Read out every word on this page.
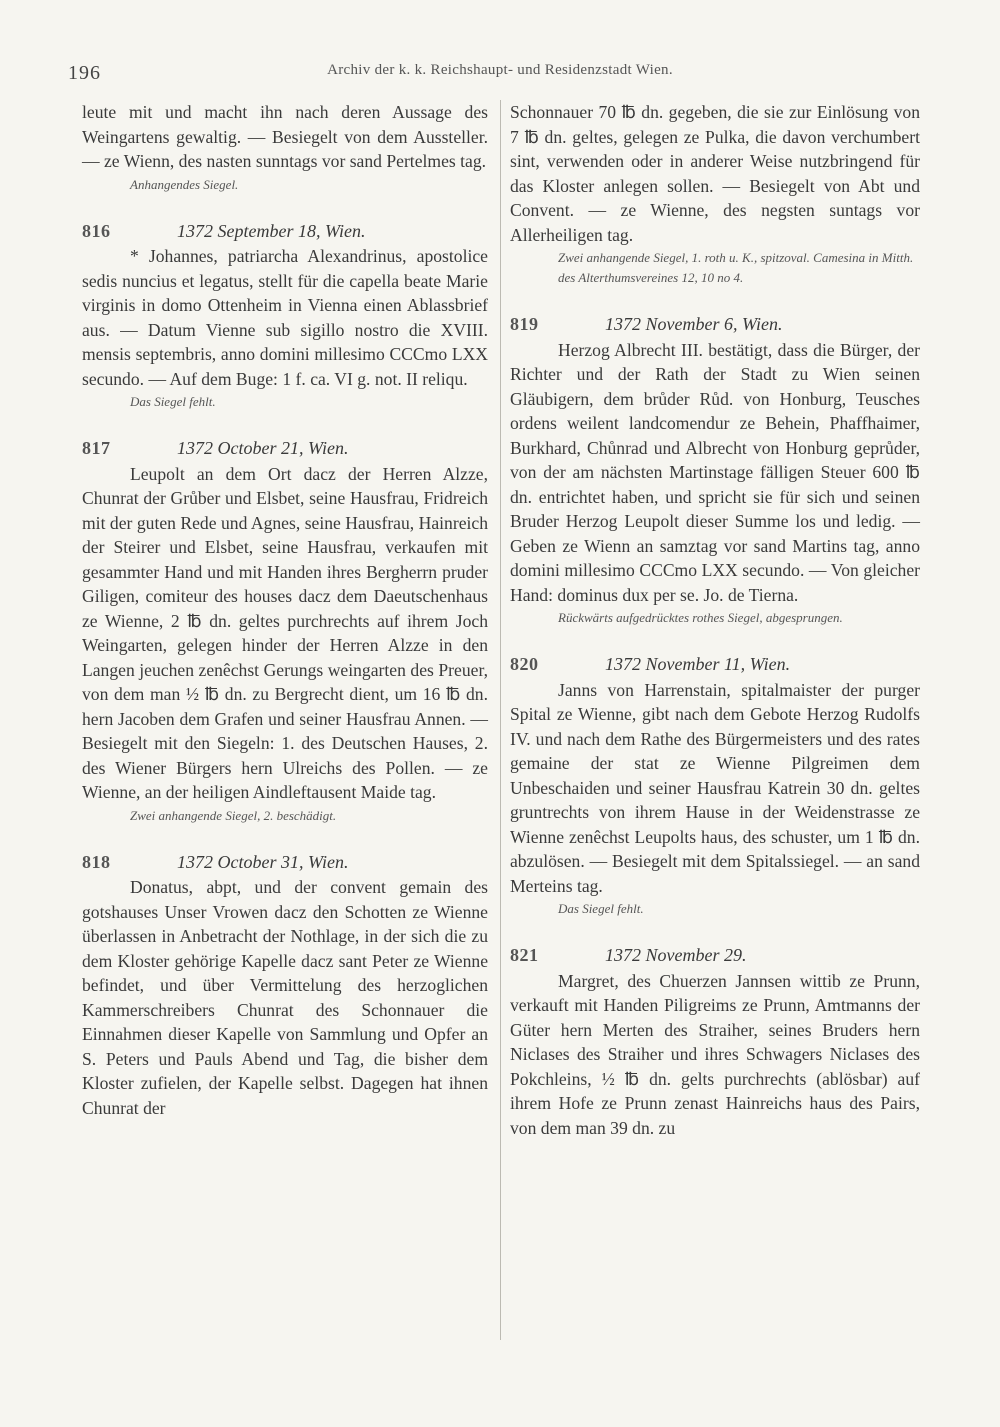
196	Archiv der k. k. Reichshaupt- und Residenzstadt Wien.

leute mit und macht ihn nach deren Aussage des Weingartens gewaltig. — Besiegelt von dem Aussteller. — ze Wienn, des nasten sunntags vor sand Pertelmes tag.

Anhangendes Siegel.
816	1372 September 18, Wien.

* Johannes, patriarcha Alexandrinus, apostolice sedis nuncius et legatus, stellt für die capella beate Marie virginis in domo Ottenheim in Vienna einen Ablassbrief aus. — Datum Vienne sub sigillo nostro die XVIII. mensis septembris, anno domini millesimo CCCmo LXX secundo. — Auf dem Buge: 1 f. ca. VI g. not. II reliqu.

Das Siegel fehlt.
817	1372 October 21, Wien.

Leupolt an dem Ort dacz der Herren Alzze, Chunrat der Grůber und Elsbet, seine Hausfrau, Fridreich mit der guten Rede und Agnes, seine Hausfrau, Hainreich der Steirer und Elsbet, seine Hausfrau, verkaufen mit gesammter Hand und mit Handen ihres Bergherrn pruder Giligen, comiteur des houses dacz dem Daeutschenhaus ze Wienne, 2 ℔ dn. geltes purchrechts auf ihrem Joch Weingarten, gelegen hinder der Herren Alzze in den Langen jeuchen zenêchst Gerungs weingarten des Preuer, von dem man ½ ℔ dn. zu Bergrecht dient, um 16 ℔ dn. hern Jacoben dem Grafen und seiner Hausfrau Annen. — Besiegelt mit den Siegeln: 1. des Deutschen Hauses, 2. des Wiener Bürgers hern Ulreichs des Pollen. — ze Wienne, an der heiligen Aindleftausent Maide tag.

Zwei anhangende Siegel, 2. beschädigt.
818	1372 October 31, Wien.

Donatus, abpt, und der convent gemain des gotshauses Unser Vrowen dacz den Schotten ze Wienne überlassen in Anbetracht der Nothlage, in der sich die zu dem Kloster gehörige Kapelle dacz sant Peter ze Wienne befindet, und über Vermittelung des herzoglichen Kammerschreibers Chunrat des Schonnauer die Einnahmen dieser Kapelle von Sammlung und Opfer an S. Peters und Pauls Abend und Tag, die bisher dem Kloster zufielen, der Kapelle selbst. Dagegen hat ihnen Chunrat der

Schonnauer 70 ℔ dn. gegeben, die sie zur Einlösung von 7 ℔ dn. geltes, gelegen ze Pulka, die davon verchumbert sint, verwenden oder in anderer Weise nutzbringend für das Kloster anlegen sollen. — Besiegelt von Abt und Convent. — ze Wienne, des negsten suntags vor Allerheiligen tag.

Zwei anhangende Siegel, 1. roth u. K., spitzoval. Camesina in Mitth. des Alterthumsvereines 12, 10 no 4.
819	1372 November 6, Wien.

Herzog Albrecht III. bestätigt, dass die Bürger, der Richter und der Rath der Stadt zu Wien seinen Gläubigern, dem brůder Růd. von Honburg, Teusches ordens weilent landcomendur ze Behein, Phaffhaimer, Burkhard, Chůnrad und Albrecht von Honburg geprůder, von der am nächsten Martinstage fälligen Steuer 600 ℔ dn. entrichtet haben, und spricht sie für sich und seinen Bruder Herzog Leupolt dieser Summe los und ledig. — Geben ze Wienn an samztag vor sand Martins tag, anno domini millesimo CCCmo LXX secundo. — Von gleicher Hand: dominus dux per se. Jo. de Tierna.

Rückwärts aufgedrücktes rothes Siegel, abgesprungen.
820	1372 November 11, Wien.

Janns von Harrenstain, spitalmaister der purger Spital ze Wienne, gibt nach dem Gebote Herzog Rudolfs IV. und nach dem Rathe des Bürgermeisters und des rates gemaine der stat ze Wienne Pilgreimen dem Unbeschaiden und seiner Hausfrau Katrein 30 dn. geltes gruntrechts von ihrem Hause in der Weidenstrasse ze Wienne zenêchst Leupolts haus, des schuster, um 1 ℔ dn. abzulösen. — Besiegelt mit dem Spitalssiegel. — an sand Merteins tag.

Das Siegel fehlt.
821	1372 November 29.

Margret, des Chuerzen Jannsen wittib ze Prunn, verkauft mit Handen Piligreims ze Prunn, Amtmanns der Güter hern Merten des Straiher, seines Bruders hern Niclases des Straiher und ihres Schwagers Niclases des Pokchleins, ½ ℔ dn. gelts purchrechts (ablösbar) auf ihrem Hofe ze Prunn zenast Hainreichs haus des Pairs, von dem man 39 dn. zu
